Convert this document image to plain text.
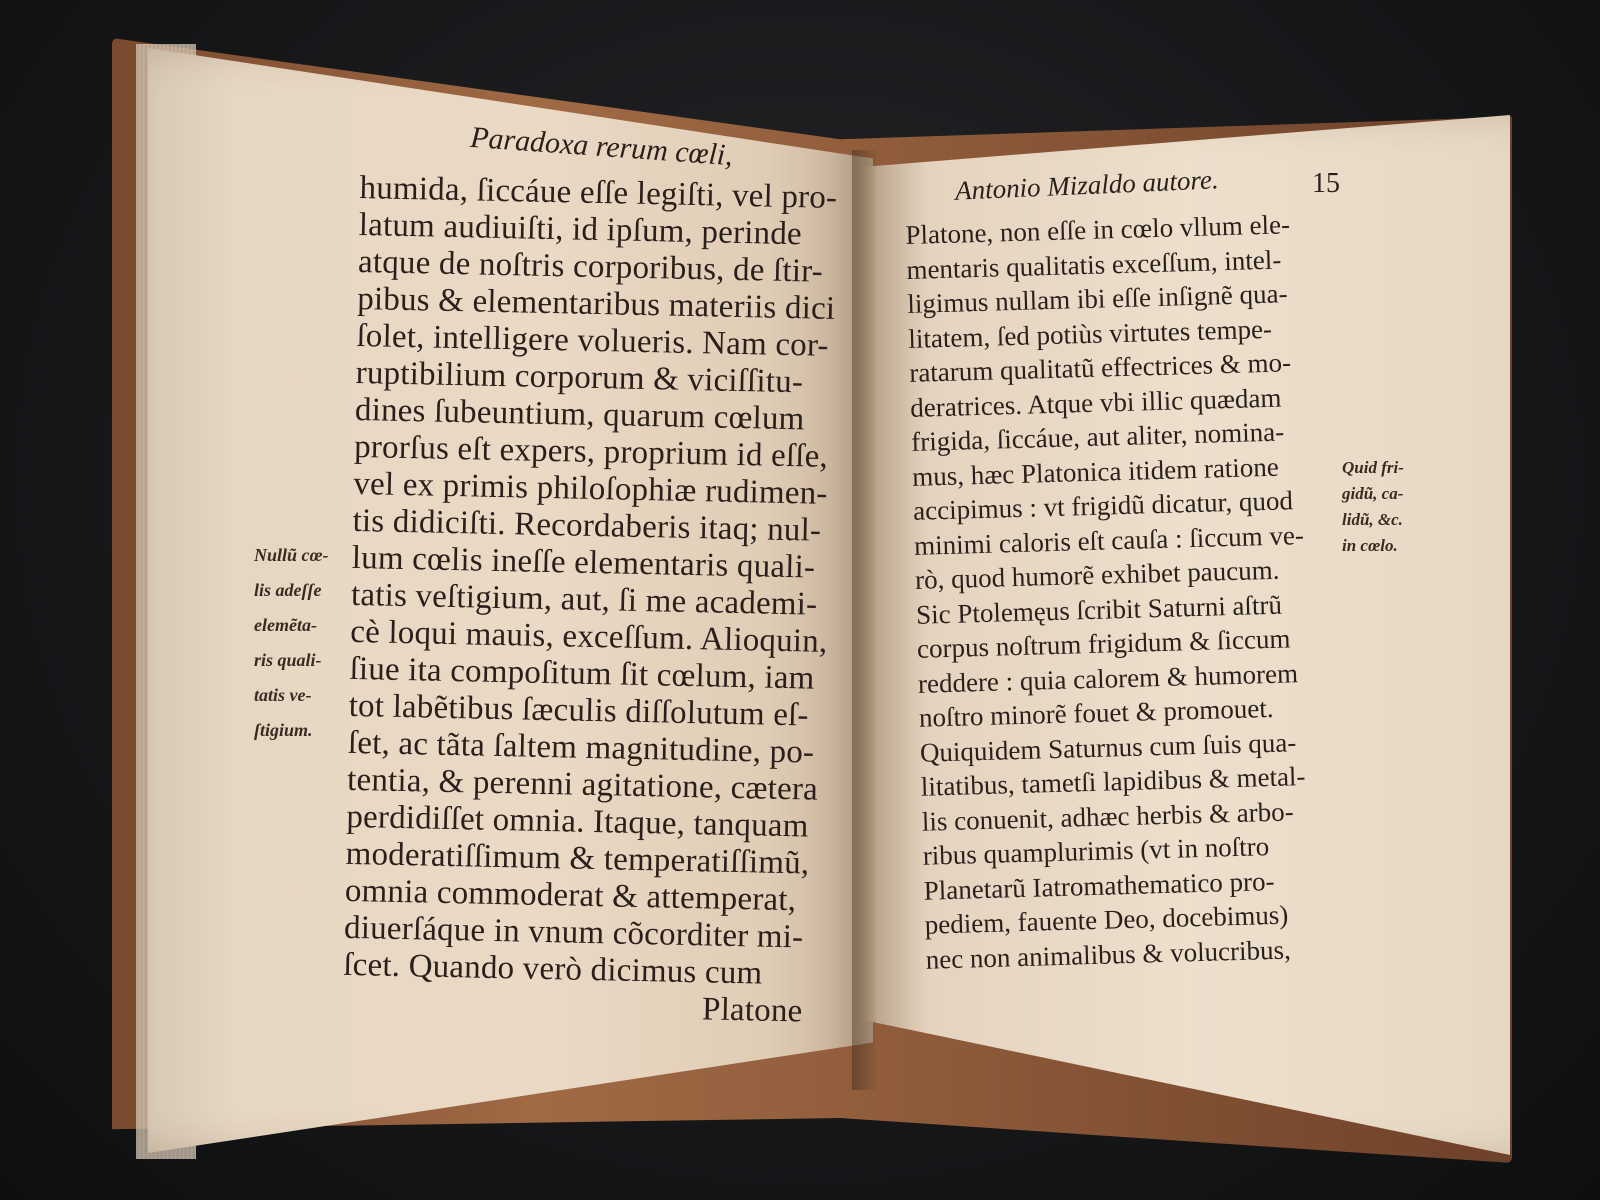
Paradoxa rerum cœli,
humida, ſiccáue eſſe legiſti, vel pro-
latum audiuiſti, id ipſum, perinde
atque de noſtris corporibus, de ſtir-
pibus & elementaribus materiis dici
ſolet, intelligere volueris. Nam cor-
ruptibilium corporum & viciſſitu-
dines ſubeuntium, quarum cœlum
prorſus eſt expers, proprium id eſſe,
vel ex primis philoſophiæ rudimen-
tis didiciſti. Recordaberis itaq; nul-
lum cœlis ineſſe elementaris quali-
tatis veſtigium, aut, ſi me academi-
cè loqui mauis, exceſſum. Alioquin,
ſiue ita compoſitum ſit cœlum, iam
tot labẽtibus ſæculis diſſolutum eſ-
ſet, ac tãta ſaltem magnitudine, po-
tentia, & perenni agitatione, cætera
perdidiſſet omnia. Itaque, tanquam
moderatiſſimum & temperatiſſimũ,
omnia commoderat & attemperat,
diuerſáque in vnum cõcorditer mi-
ſcet. Quando verò dicimus cum
Platone
Nullũ cœ-
lis adeſſe
elemẽta-
ris quali-
tatis ve-
ſtigium.
Antonio Mizaldo autore.	15
Platone, non eſſe in cœlo vllum ele-
mentaris qualitatis exceſſum, intel-
ligimus nullam ibi eſſe inſignẽ qua-
litatem, ſed potiùs virtutes tempe-
ratarum qualitatũ effectrices & mo-
deratrices. Atque vbi illic quædam
frigida, ſiccáue, aut aliter, nomina-
mus, hæc Platonica itidem ratione
accipimus : vt frigidũ dicatur, quod
minimi caloris eſt cauſa : ſiccum ve-
rò, quod humorẽ exhibet paucum.
Sic Ptolemęus ſcribit Saturni aſtrũ
corpus noſtrum frigidum & ſiccum
reddere : quia calorem & humorem
noſtro minorẽ fouet & promouet.
Quiquidem Saturnus cum ſuis qua-
litatibus, tametſi lapidibus & metal-
lis conuenit, adhæc herbis & arbo-
ribus quamplurimis (vt in noſtro
Planetarũ Iatromathematico pro-
pediem, fauente Deo, docebimus)
nec non animalibus & volucribus,
Quid fri-
gidũ, ca-
lidũ, &c.
in cœlo.
